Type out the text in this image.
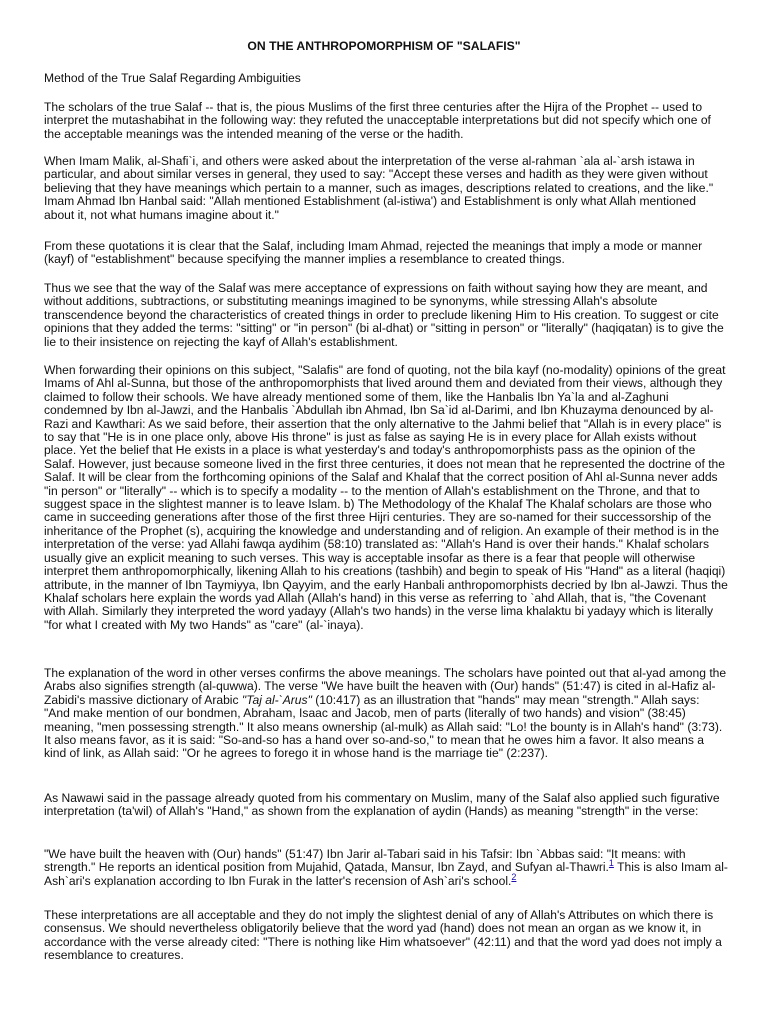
ON THE ANTHROPOMORPHISM OF "SALAFIS"
Method of the True Salaf Regarding Ambiguities

The scholars of the true Salaf -- that is, the pious Muslims of the first three centuries after the Hijra of the Prophet -- used to interpret the mutashabihat in the following way: they refuted the unacceptable interpretations but did not specify which one of the acceptable meanings was the intended meaning of the verse or the hadith.

When Imam Malik, al-Shafi`i, and others were asked about the interpretation of the verse al-rahman `ala al-`arsh istawa in particular, and about similar verses in general, they used to say: "Accept these verses and hadith as they were given without believing that they have meanings which pertain to a manner, such as images, descriptions related to creations, and the like." Imam Ahmad Ibn Hanbal said: "Allah mentioned Establishment (al-istiwa') and Establishment is only what Allah mentioned about it, not what humans imagine about it."

From these quotations it is clear that the Salaf, including Imam Ahmad, rejected the meanings that imply a mode or manner (kayf) of "establishment" because specifying the manner implies a resemblance to created things.

Thus we see that the way of the Salaf was mere acceptance of expressions on faith without saying how they are meant, and without additions, subtractions, or substituting meanings imagined to be synonyms, while stressing Allah's absolute transcendence beyond the characteristics of created things in order to preclude likening Him to His creation. To suggest or cite opinions that they added the terms: "sitting" or "in person" (bi al-dhat) or "sitting in person" or "literally" (haqiqatan) is to give the lie to their insistence on rejecting the kayf of Allah's establishment.

When forwarding their opinions on this subject, "Salafis" are fond of quoting, not the bila kayf (no-modality) opinions of the great Imams of Ahl al-Sunna, but those of the anthropomorphists that lived around them and deviated from their views, although they claimed to follow their schools. We have already mentioned some of them, like the Hanbalis Ibn Ya`la and al-Zaghuni condemned by Ibn al-Jawzi, and the Hanbalis `Abdullah ibn Ahmad, Ibn Sa`id al-Darimi, and Ibn Khuzayma denounced by al-Razi and Kawthari: As we said before, their assertion that the only alternative to the Jahmi belief that "Allah is in every place" is to say that "He is in one place only, above His throne" is just as false as saying He is in every place for Allah exists without place. Yet the belief that He exists in a place is what yesterday's and today's anthropomorphists pass as the opinion of the Salaf. However, just because someone lived in the first three centuries, it does not mean that he represented the doctrine of the Salaf. It will be clear from the forthcoming opinions of the Salaf and Khalaf that the correct position of Ahl al-Sunna never adds "in person" or "literally" -- which is to specify a modality -- to the mention of Allah's establishment on the Throne, and that to suggest space in the slightest manner is to leave Islam. b) The Methodology of the Khalaf The Khalaf scholars are those who came in succeeding generations after those of the first three Hijri centuries. They are so-named for their successorship of the inheritance of the Prophet (s), acquiring the knowledge and understanding and of religion. An example of their method is in the interpretation of the verse: yad Allahi fawqa aydihim (58:10) translated as: "Allah's Hand is over their hands." Khalaf scholars usually give an explicit meaning to such verses. This way is acceptable insofar as there is a fear that people will otherwise interpret them anthropomorphically, likening Allah to his creations (tashbih) and begin to speak of His "Hand" as a literal (haqiqi) attribute, in the manner of Ibn Taymiyya, Ibn Qayyim, and the early Hanbali anthropomorphists decried by Ibn al-Jawzi. Thus the Khalaf scholars here explain the words yad Allah (Allah's hand) in this verse as referring to `ahd Allah, that is, "the Covenant with Allah. Similarly they interpreted the word yadayy (Allah's two hands) in the verse lima khalaktu bi yadayy which is literally "for what I created with My two Hands" as "care" (al-`inaya).

The explanation of the word in other verses confirms the above meanings. The scholars have pointed out that al-yad among the Arabs also signifies strength (al-quwwa). The verse "We have built the heaven with (Our) hands" (51:47) is cited in al-Hafiz al-Zabidi's massive dictionary of Arabic "Taj al-`Arus" (10:417) as an illustration that "hands" may mean "strength." Allah says: "And make mention of our bondmen, Abraham, Isaac and Jacob, men of parts (literally of two hands) and vision" (38:45) meaning, "men possessing strength." It also means ownership (al-mulk) as Allah said: "Lo! the bounty is in Allah's hand" (3:73). It also means favor, as it is said: "So-and-so has a hand over so-and-so," to mean that he owes him a favor. It also means a kind of link, as Allah said: "Or he agrees to forego it in whose hand is the marriage tie" (2:237).

As Nawawi said in the passage already quoted from his commentary on Muslim, many of the Salaf also applied such figurative interpretation (ta'wil) of Allah's "Hand," as shown from the explanation of aydin (Hands) as meaning "strength" in the verse:

"We have built the heaven with (Our) hands" (51:47) Ibn Jarir al-Tabari said in his Tafsir: Ibn `Abbas said: "It means: with strength." He reports an identical position from Mujahid, Qatada, Mansur, Ibn Zayd, and Sufyan al-Thawri.$^1$ This is also Imam al-Ash`ari's explanation according to Ibn Furak in the latter's recension of Ash`ari's school.$^2$

These interpretations are all acceptable and they do not imply the slightest denial of any of Allah's Attributes on which there is consensus. We should nevertheless obligatorily believe that the word yad (hand) does not mean an organ as we know it, in accordance with the verse already cited: "There is nothing like Him whatsoever" (42:11) and that the word yad does not imply a resemblance to creatures.
